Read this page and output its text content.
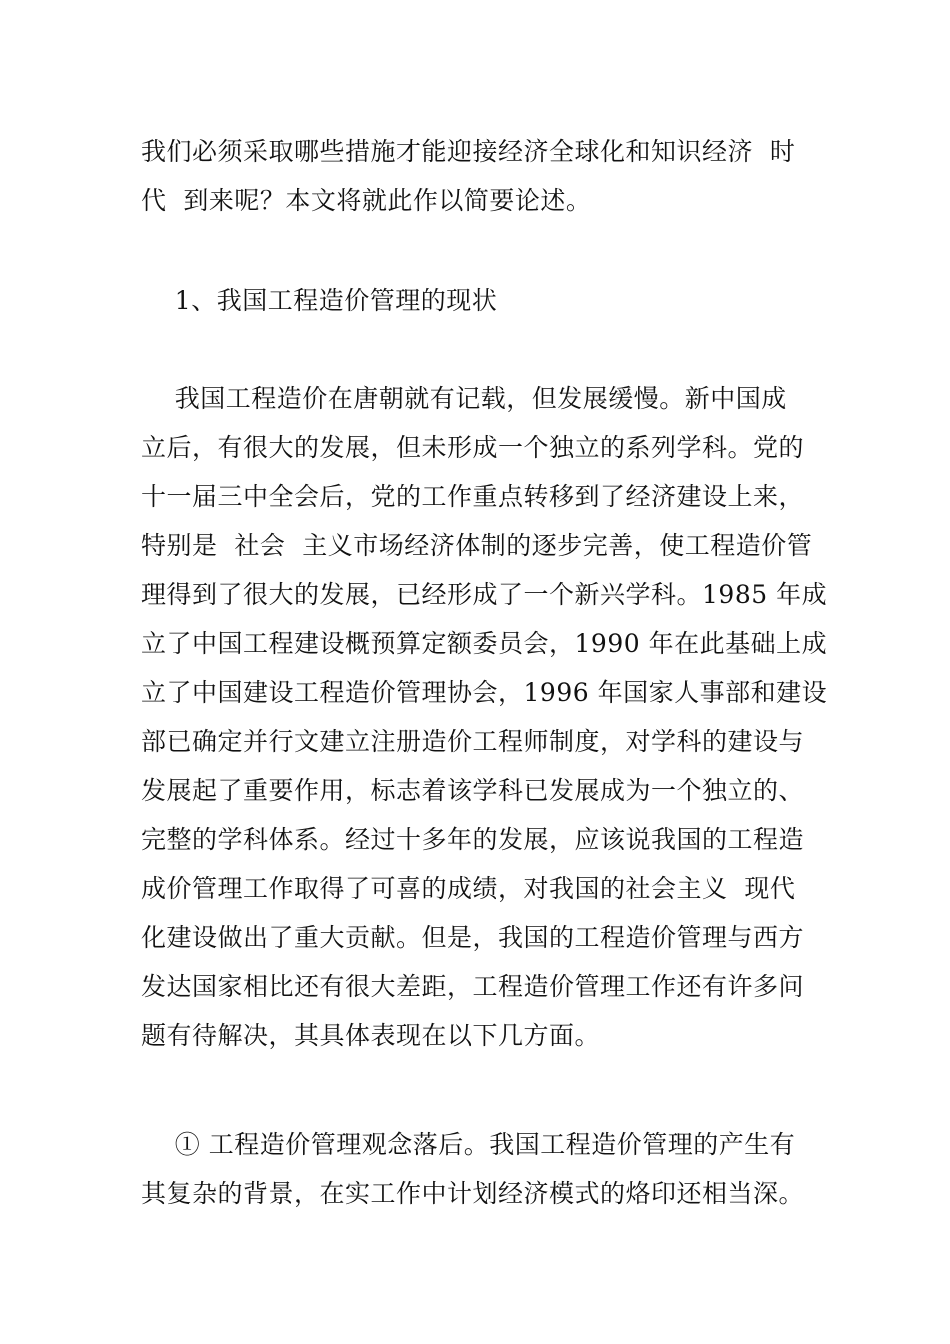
我们必须采取哪些措施才能迎接经济全球化和知识经济  时

代  到来呢？本文将就此作以简要论述。

1、我国工程造价管理的现状

我国工程造价在唐朝就有记载，但发展缓慢。新中国成

立后，有很大的发展，但未形成一个独立的系列学科。党的

十一届三中全会后，党的工作重点转移到了经济建设上来，

特别是  社会  主义市场经济体制的逐步完善，使工程造价管

理得到了很大的发展，已经形成了一个新兴学科。1985 年成

立了中国工程建设概预算定额委员会，1990 年在此基础上成

立了中国建设工程造价管理协会，1996 年国家人事部和建设

部已确定并行文建立注册造价工程师制度，对学科的建设与

发展起了重要作用，标志着该学科已发展成为一个独立的、

完整的学科体系。经过十多年的发展，应该说我国的工程造

成价管理工作取得了可喜的成绩，对我国的社会主义  现代

化建设做出了重大贡献。但是，我国的工程造价管理与西方

发达国家相比还有很大差距，工程造价管理工作还有许多问

题有待解决，其具体表现在以下几方面。

① 工程造价管理观念落后。我国工程造价管理的产生有

其复杂的背景，在实工作中计划经济模式的烙印还相当深。
